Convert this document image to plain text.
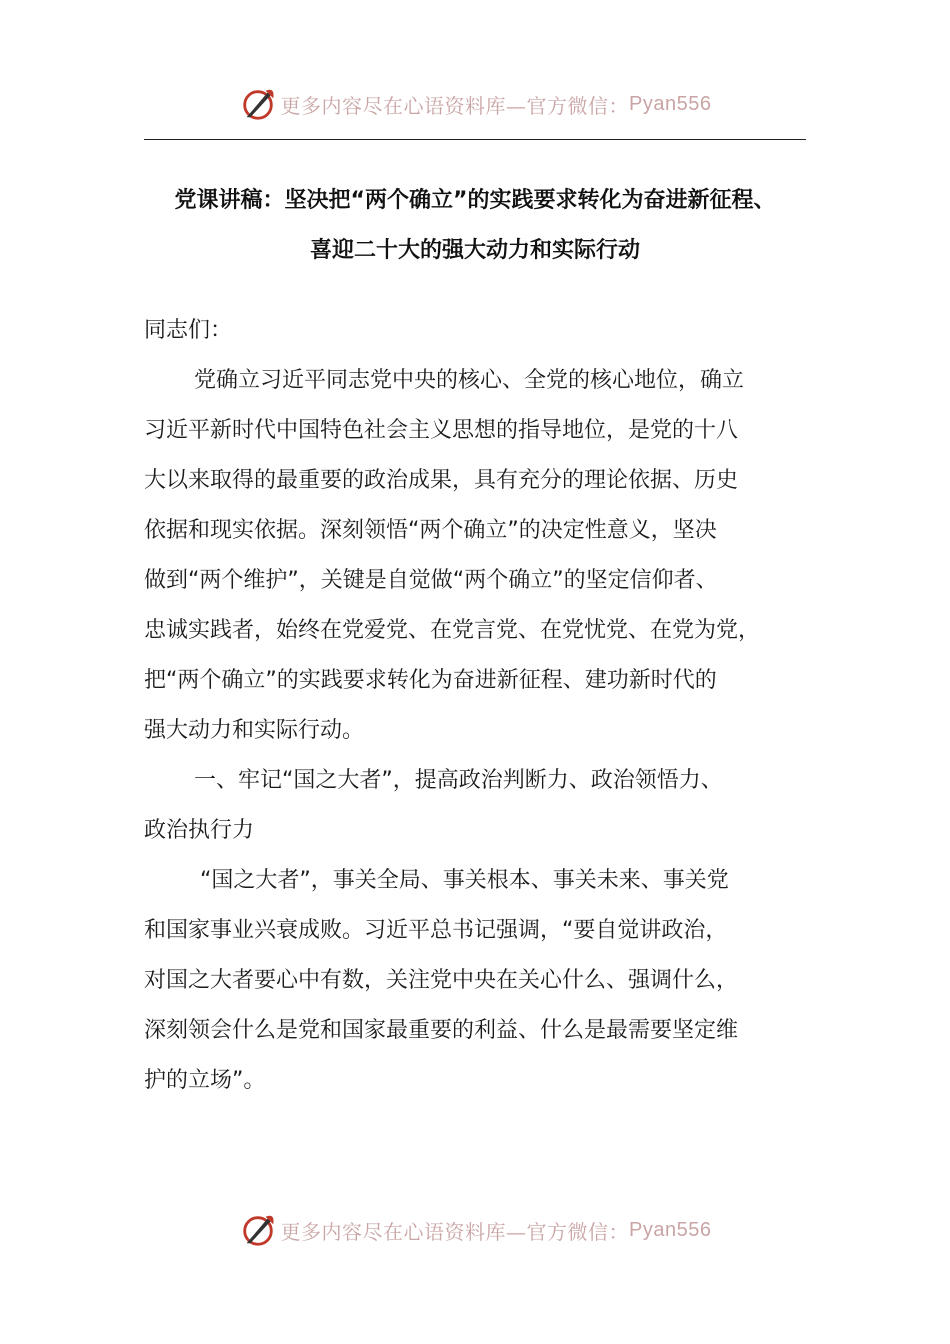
更多内容尽在心语资料库—官方微信： Pyan556
党课讲稿：坚决把“两个确立”的实践要求转化为奋进新征程、
喜迎二十大的强大动力和实际行动
同志们：
党确立习近平同志党中央的核心、全党的核心地位，确立
习近平新时代中国特色社会主义思想的指导地位，是党的十八
大以来取得的最重要的政治成果，具有充分的理论依据、历史
依据和现实依据。深刻领悟“两个确立”的决定性意义，坚决
做到“两个维护”，关键是自觉做“两个确立”的坚定信仰者、
忠诚实践者，始终在党爱党、在党言党、在党忧党、在党为党，
把“两个确立”的实践要求转化为奋进新征程、建功新时代的
强大动力和实际行动。
一、牢记“国之大者”，提高政治判断力、政治领悟力、
政治执行力
“国之大者”，事关全局、事关根本、事关未来、事关党
和国家事业兴衰成败。习近平总书记强调，“要自觉讲政治，
对国之大者要心中有数，关注党中央在关心什么、强调什么，
深刻领会什么是党和国家最重要的利益、什么是最需要坚定维
护的立场”。
更多内容尽在心语资料库—官方微信： Pyan556
